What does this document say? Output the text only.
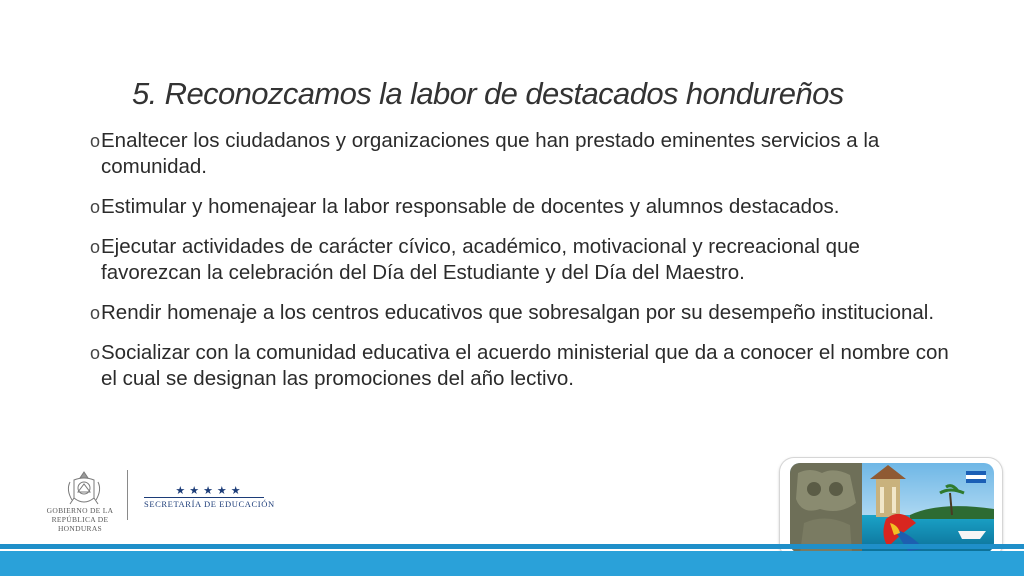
5. Reconozcamos la labor de destacados hondureños
o Enaltecer los ciudadanos y organizaciones que han prestado eminentes servicios a la comunidad.
o Estimular y homenajear la labor responsable de docentes y alumnos destacados.
o Ejecutar actividades de carácter cívico, académico, motivacional y recreacional que favorezcan la celebración del Día del Estudiante y del Día del Maestro.
o Rendir homenaje a los centros educativos que sobresalgan por su desempeño institucional.
o Socializar con la comunidad educativa el acuerdo ministerial que da a conocer el nombre con el cual se designan las promociones del año lectivo.
GOBIERNO DE LA
REPÚBLICA DE HONDURAS
★★★★★
SECRETARÍA DE EDUCACIÓN
